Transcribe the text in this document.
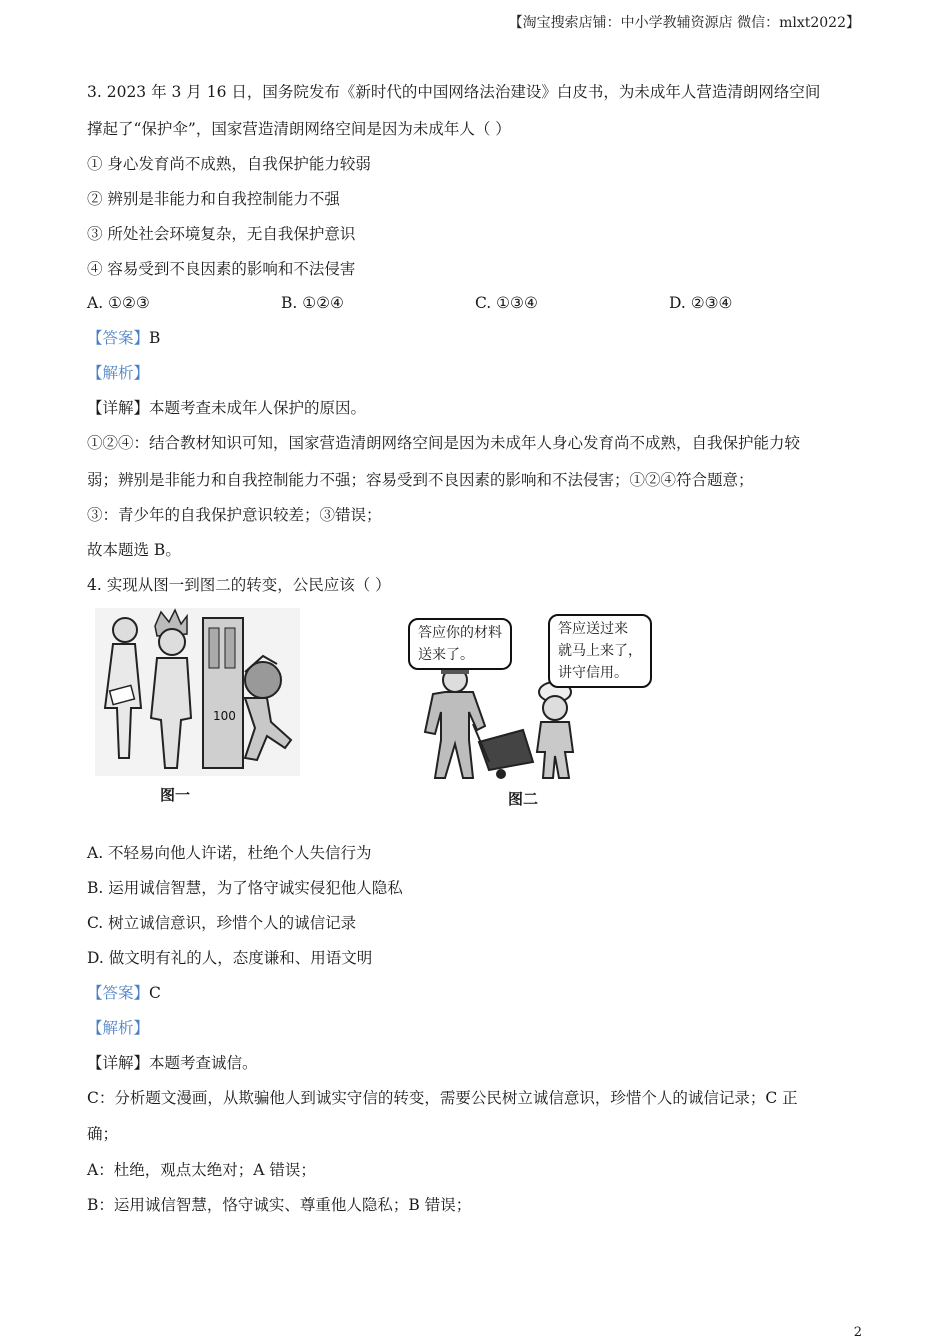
【淘宝搜索店铺：中小学教辅资源店 微信：mlxt2022】
3. 2023 年 3 月 16 日，国务院发布《新时代的中国网络法治建设》白皮书，为未成年人营造清朗网络空间
撑起了“保护伞”，国家营造清朗网络空间是因为未成年人（ ）
① 身心发育尚不成熟，自我保护能力较弱
② 辨别是非能力和自我控制能力不强
③ 所处社会环境复杂，无自我保护意识
④ 容易受到不良因素的影响和不法侵害
A. ①②③	B. ①②④	C. ①③④	D. ②③④
【答案】B
【解析】
【详解】本题考查未成年人保护的原因。
①②④：结合教材知识可知，国家营造清朗网络空间是因为未成年人身心发育尚不成熟，自我保护能力较
弱；辨别是非能力和自我控制能力不强；容易受到不良因素的影响和不法侵害；①②④符合题意；
③：青少年的自我保护意识较差；③错误；
故本题选 B。
4. 实现从图一到图二的转变，公民应该（ ）
100
图一
答应你的材料
送来了。
答应送过来
就马上来了，
讲守信用。
图二
A. 不轻易向他人许诺，杜绝个人失信行为
B. 运用诚信智慧，为了恪守诚实侵犯他人隐私
C. 树立诚信意识，珍惜个人的诚信记录
D. 做文明有礼的人，态度谦和、用语文明
【答案】C
【解析】
【详解】本题考查诚信。
C：分析题文漫画，从欺骗他人到诚实守信的转变，需要公民树立诚信意识，珍惜个人的诚信记录；C 正
确；
A：杜绝，观点太绝对；A 错误；
B：运用诚信智慧，恪守诚实、尊重他人隐私；B 错误；
2
